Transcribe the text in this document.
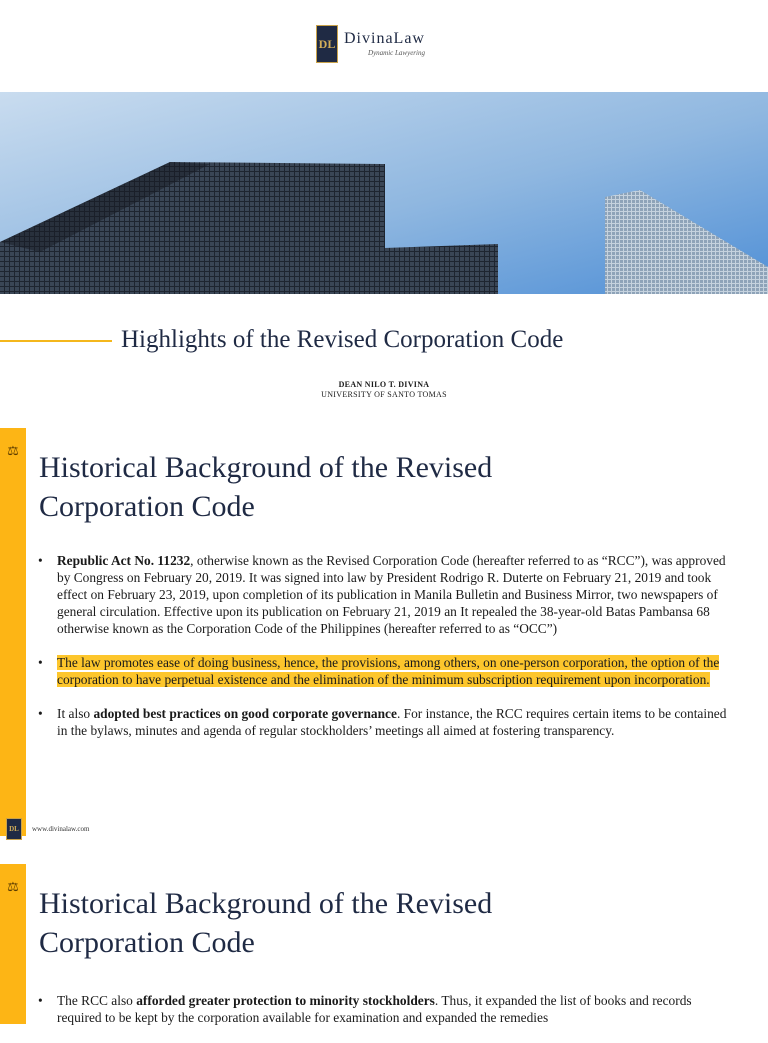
DL DivinaLaw
Dynamic Lawyering
Highlights of the Revised Corporation Code
DEAN NILO T. DIVINA
UNIVERSITY OF SANTO TOMAS
⚖
Historical Background of the Revised Corporation Code
• Republic Act No. 11232, otherwise known as the Revised Corporation Code (hereafter referred to as “RCC”), was approved by Congress on February 20, 2019. It was signed into law by President Rodrigo R. Duterte on February 21, 2019 and took effect on February 23, 2019, upon completion of its publication in Manila Bulletin and Business Mirror, two newspapers of general circulation. Effective upon its publication on February 21, 2019 an It repealed the 38-year-old Batas Pambansa 68 otherwise known as the Corporation Code of the Philippines (hereafter referred to as “OCC”)
• The law promotes ease of doing business, hence, the provisions, among others, on one-person corporation, the option of the corporation to have perpetual existence and the elimination of the minimum subscription requirement upon incorporation.
• It also adopted best practices on good corporate governance. For instance, the RCC requires certain items to be contained in the bylaws, minutes and agenda of regular stockholders’ meetings all aimed at fostering transparency.
DL www.divinalaw.com
⚖
Historical Background of the Revised Corporation Code
• The RCC also afforded greater protection to minority stockholders. Thus, it expanded the list of books and records required to be kept by the corporation available for examination and expanded the remedies
